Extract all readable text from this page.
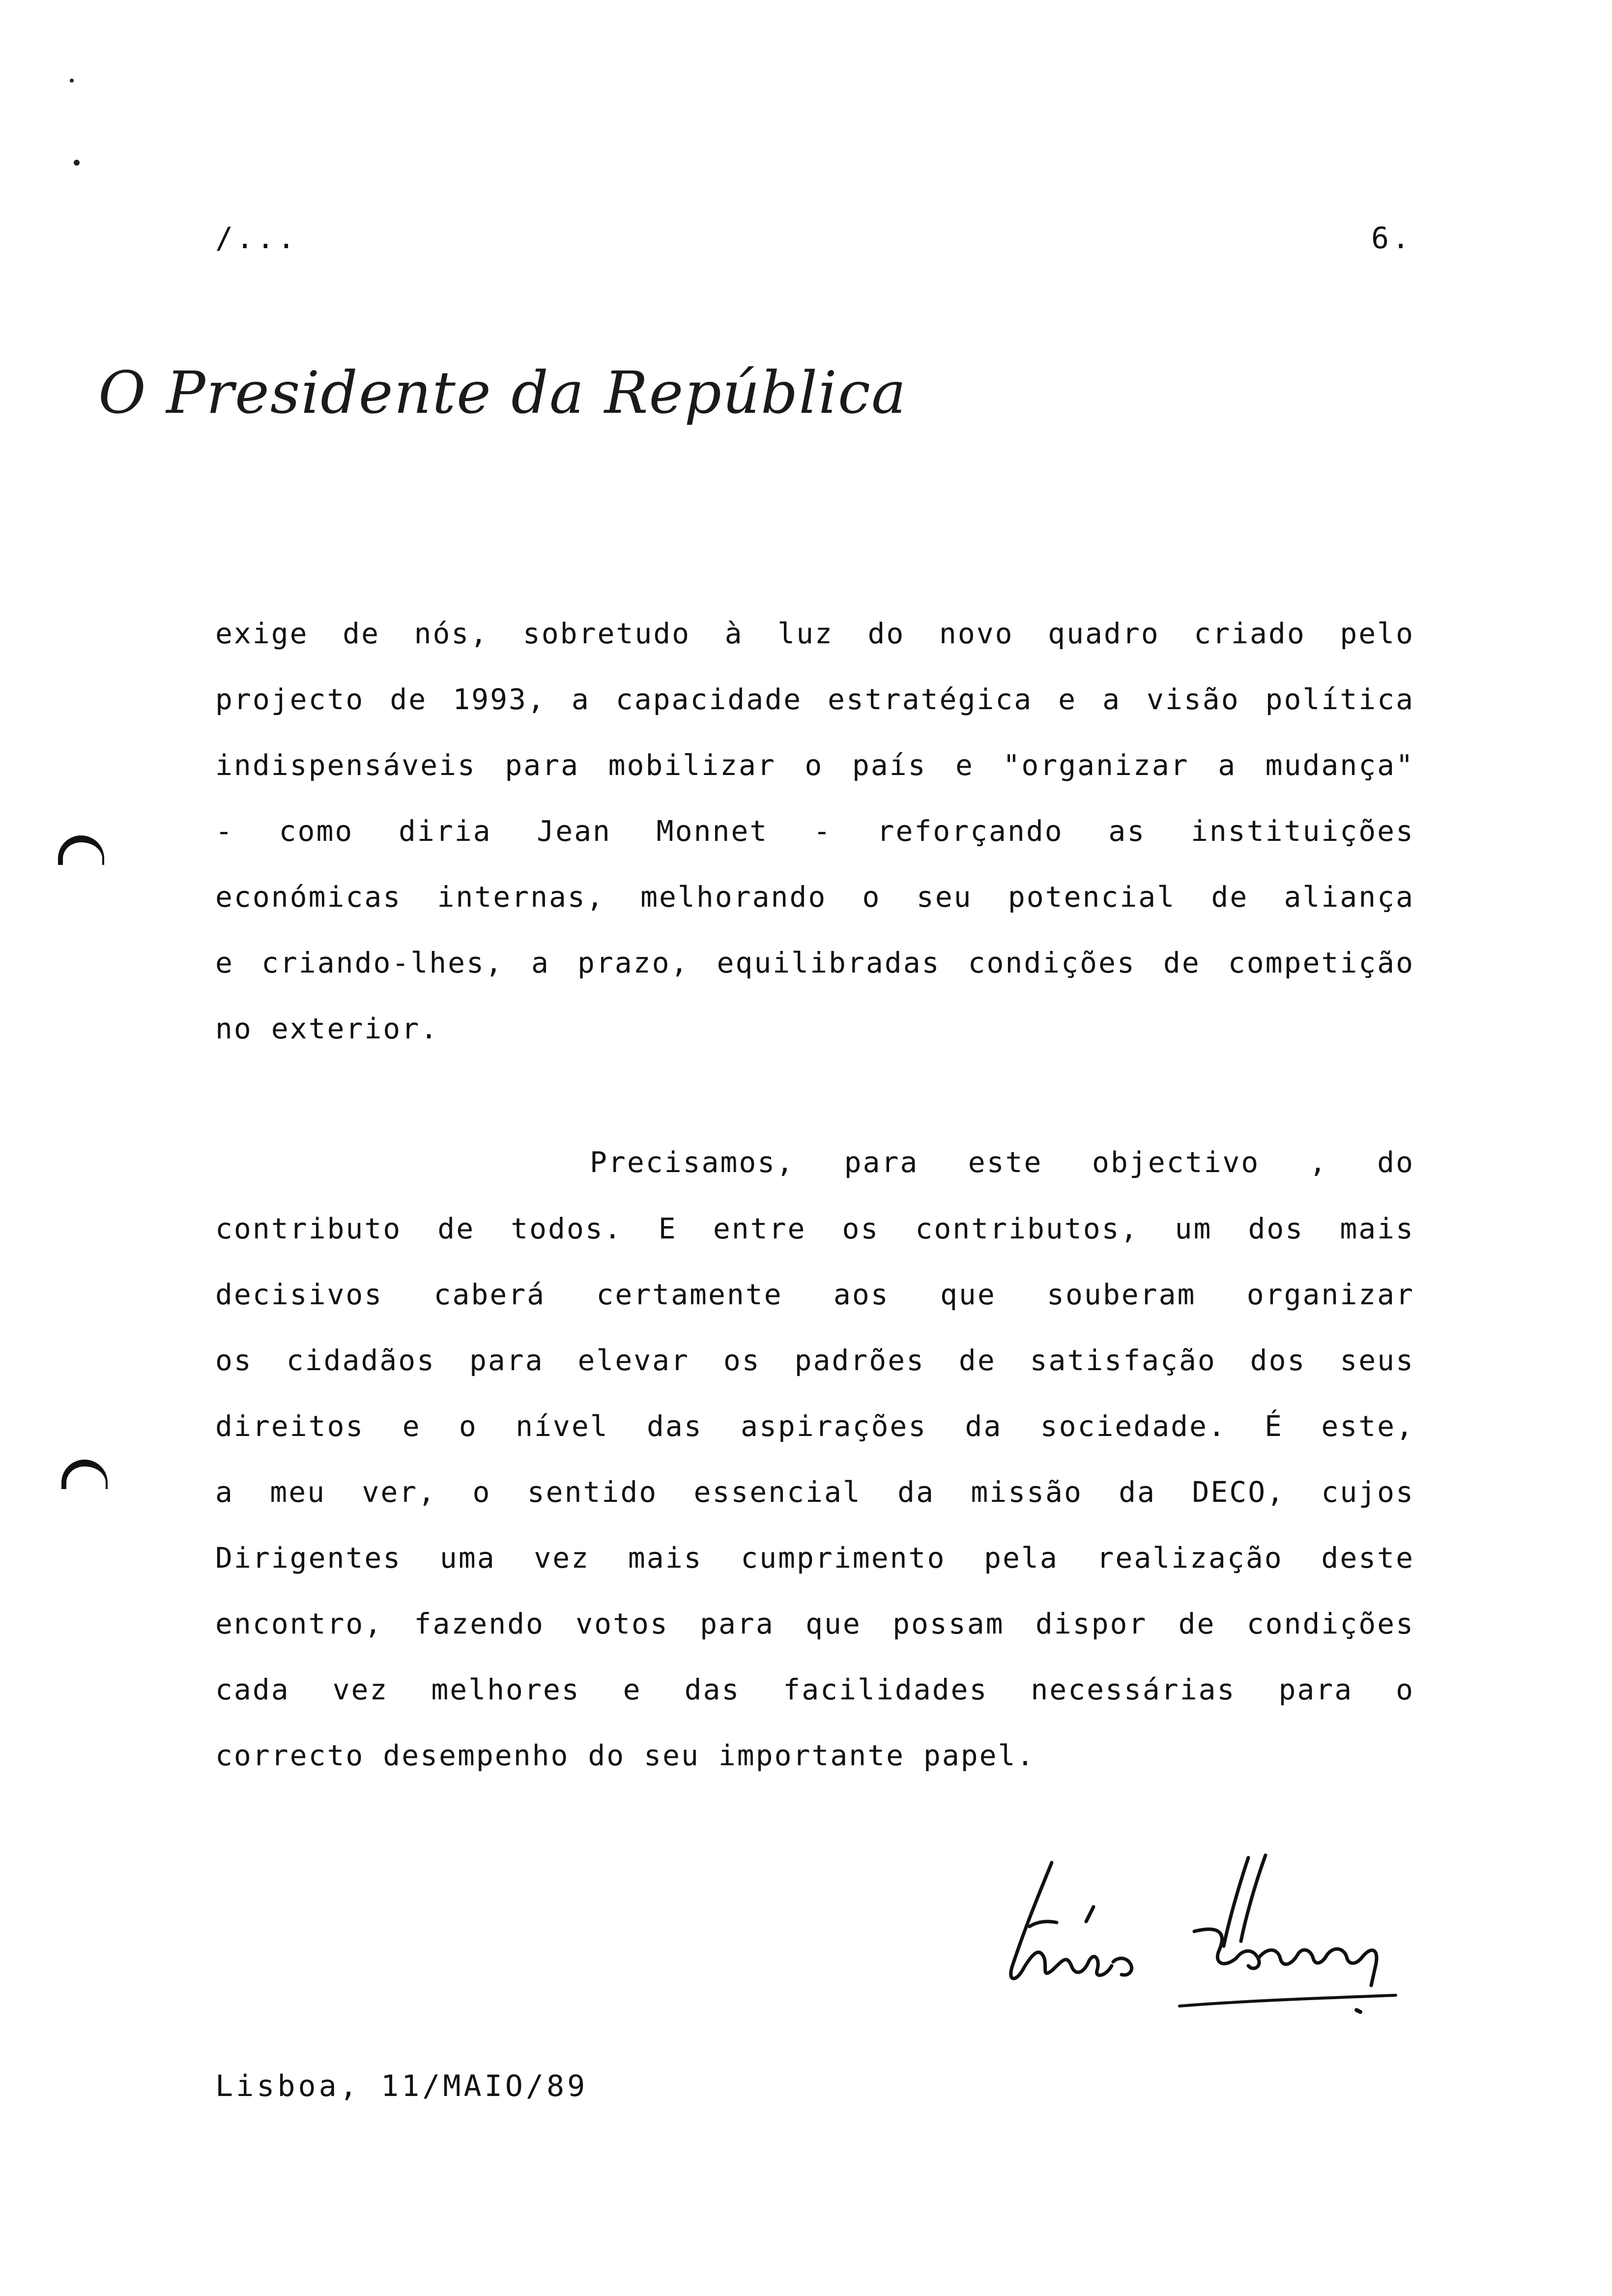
/...	6.
O Presidente da República
exige de nós, sobretudo à luz do novo quadro criado pelo
projecto de 1993, a capacidade estratégica e a visão política
indispensáveis para mobilizar o país e "organizar a mudança"
- como diria Jean Monnet - reforçando as instituições
económicas internas, melhorando o seu potencial de aliança
e criando-lhes, a prazo, equilibradas condições de competição
no exterior.
Precisamos, para este objectivo , do
contributo de todos. E entre os contributos, um dos mais
decisivos caberá certamente aos que souberam organizar
os cidadãos para elevar os padrões de satisfação dos seus
direitos e o nível das aspirações da sociedade. É este,
a meu ver, o sentido essencial da missão da DECO, cujos
Dirigentes uma vez mais cumprimento pela realização deste
encontro, fazendo votos para que possam dispor de condições
cada vez melhores e das facilidades necessárias para o
correcto desempenho do seu importante papel.
Lisboa, 11/MAIO/89
